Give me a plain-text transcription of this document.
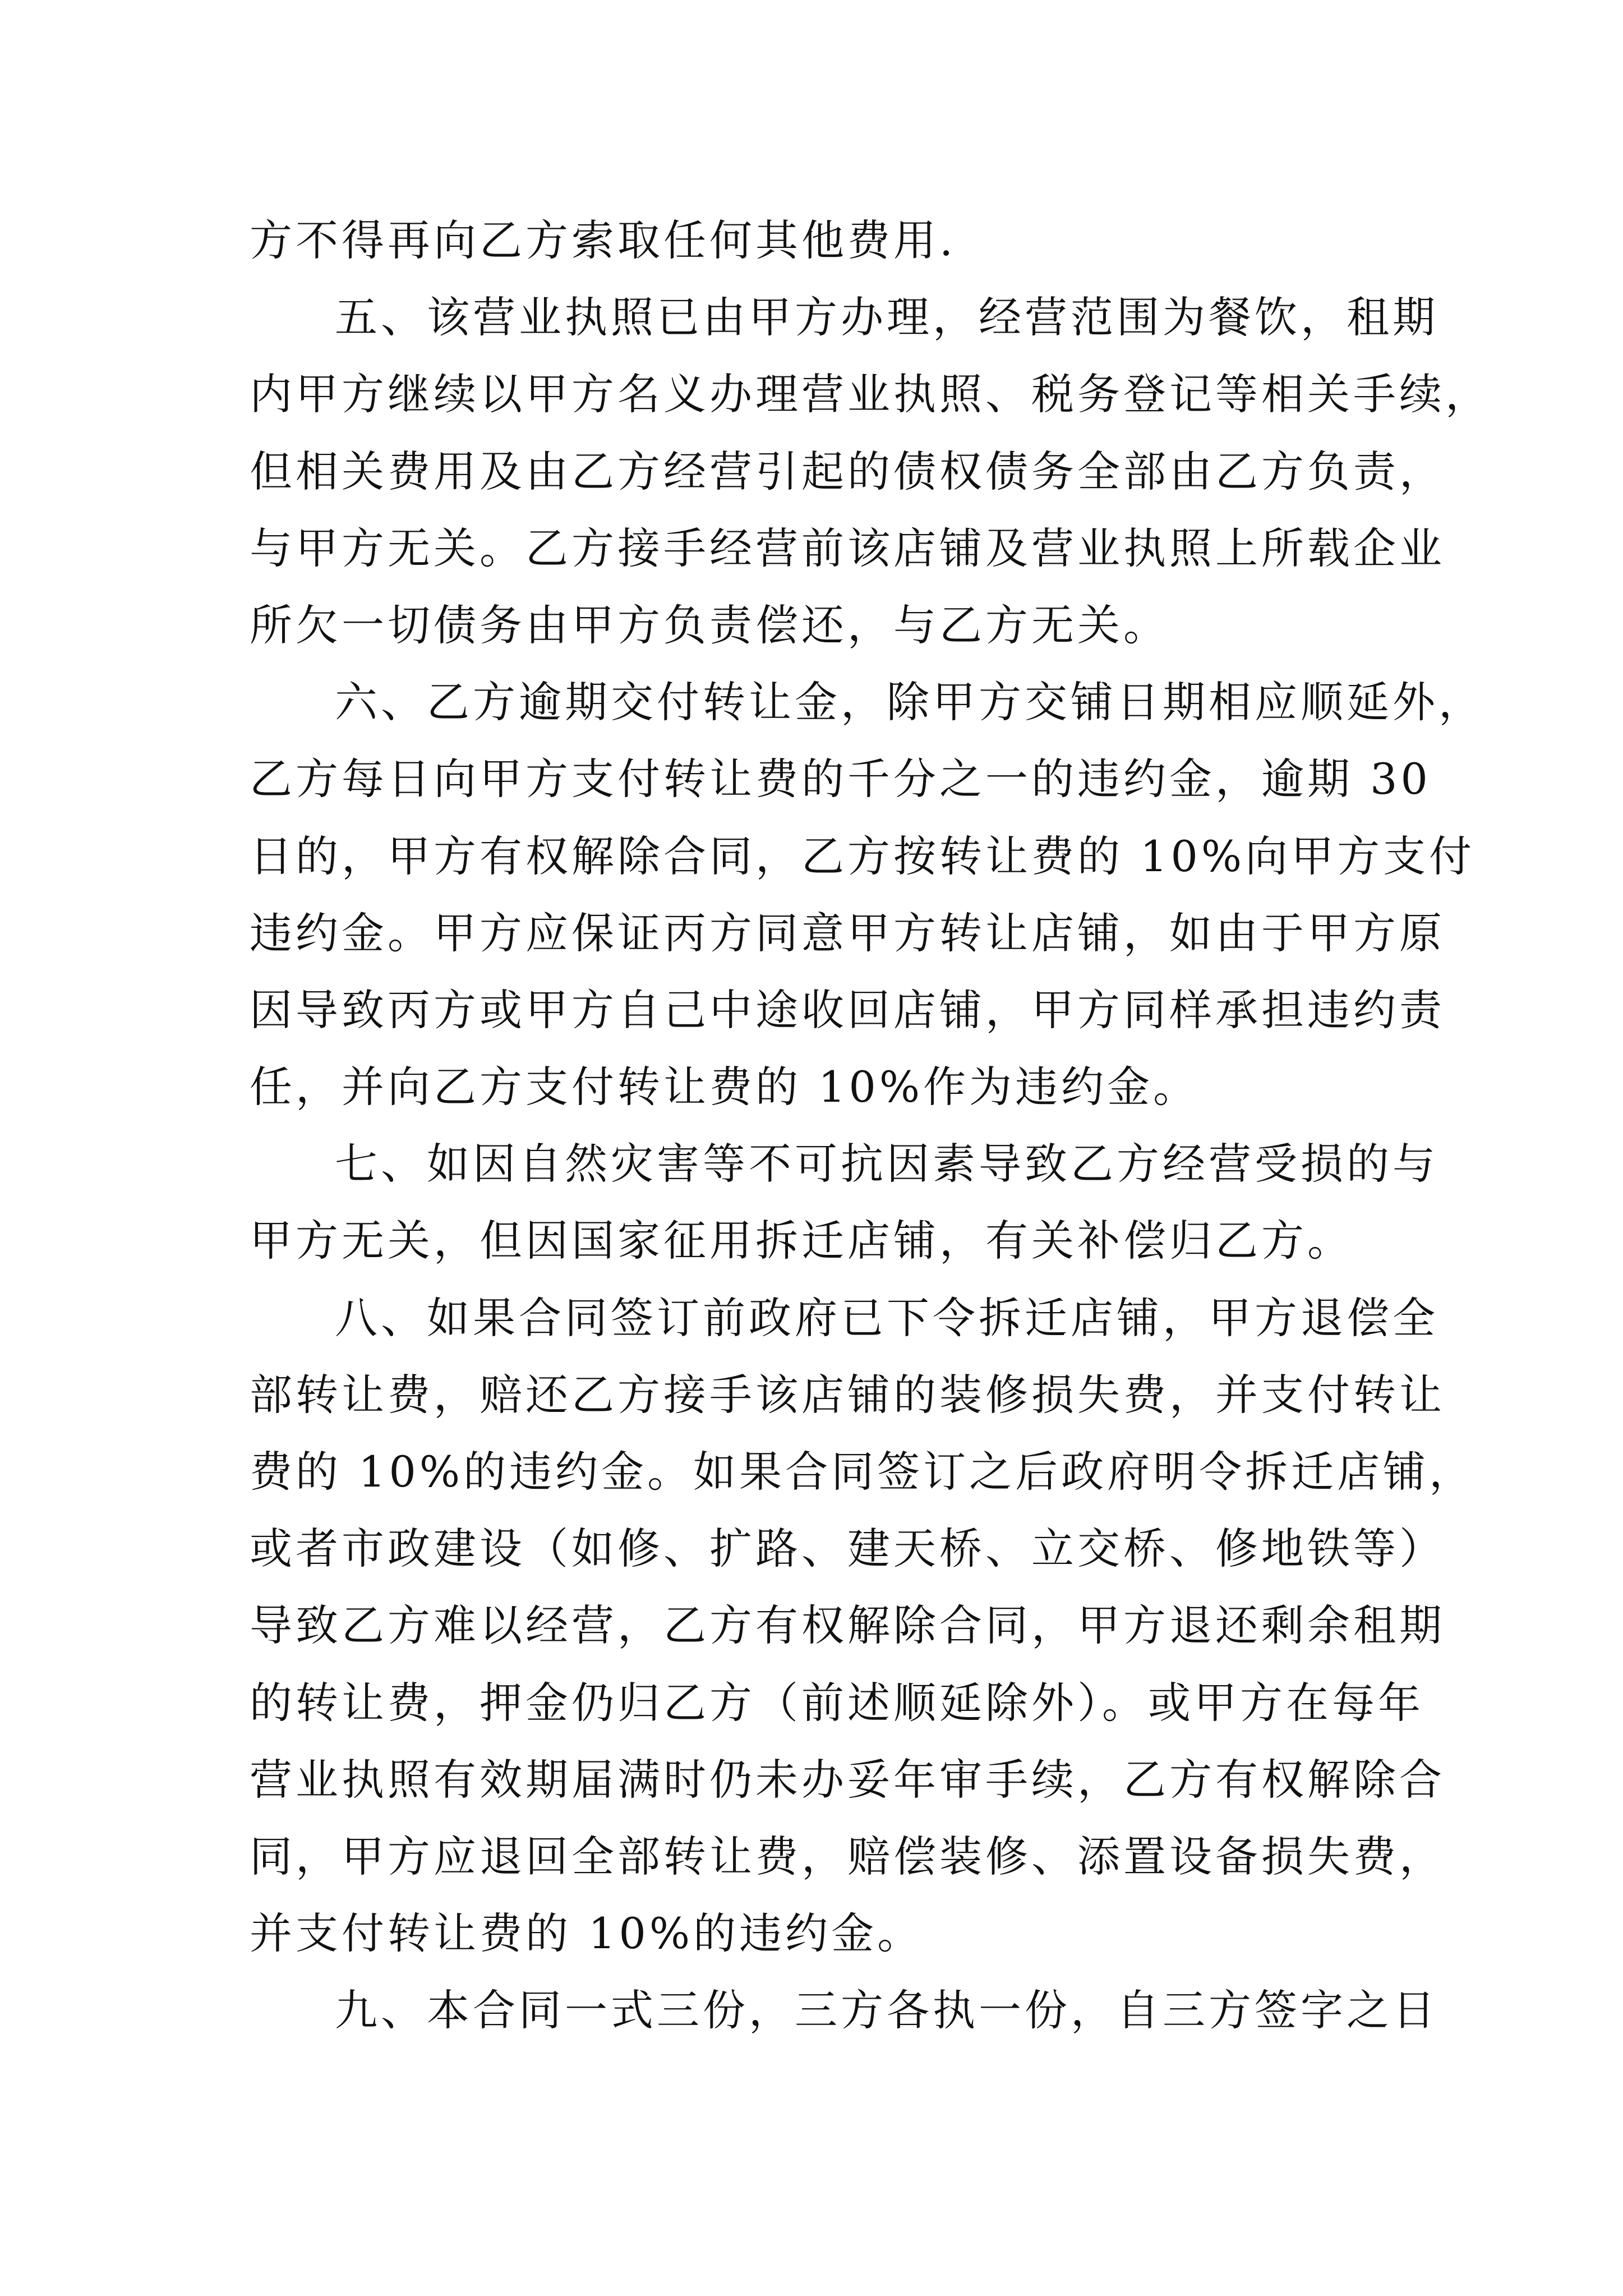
方不得再向乙方索取任何其他费用.
五、该营业执照已由甲方办理，经营范围为餐饮，租期
内甲方继续以甲方名义办理营业执照、税务登记等相关手续，
但相关费用及由乙方经营引起的债权债务全部由乙方负责，
与甲方无关。乙方接手经营前该店铺及营业执照上所载企业
所欠一切债务由甲方负责偿还，与乙方无关。
六、乙方逾期交付转让金，除甲方交铺日期相应顺延外，
乙方每日向甲方支付转让费的千分之一的违约金，逾期 30
日的，甲方有权解除合同，乙方按转让费的 10%向甲方支付
违约金。甲方应保证丙方同意甲方转让店铺，如由于甲方原
因导致丙方或甲方自己中途收回店铺，甲方同样承担违约责
任，并向乙方支付转让费的 10%作为违约金。
七、如因自然灾害等不可抗因素导致乙方经营受损的与
甲方无关，但因国家征用拆迁店铺，有关补偿归乙方。
八、如果合同签订前政府已下令拆迁店铺，甲方退偿全
部转让费，赔还乙方接手该店铺的装修损失费，并支付转让
费的 10%的违约金。如果合同签订之后政府明令拆迁店铺，
或者市政建设（如修、扩路、建天桥、立交桥、修地铁等）
导致乙方难以经营，乙方有权解除合同，甲方退还剩余租期
的转让费，押金仍归乙方（前述顺延除外）。或甲方在每年
营业执照有效期届满时仍未办妥年审手续，乙方有权解除合
同，甲方应退回全部转让费，赔偿装修、添置设备损失费，
并支付转让费的 10%的违约金。
九、本合同一式三份，三方各执一份，自三方签字之日
